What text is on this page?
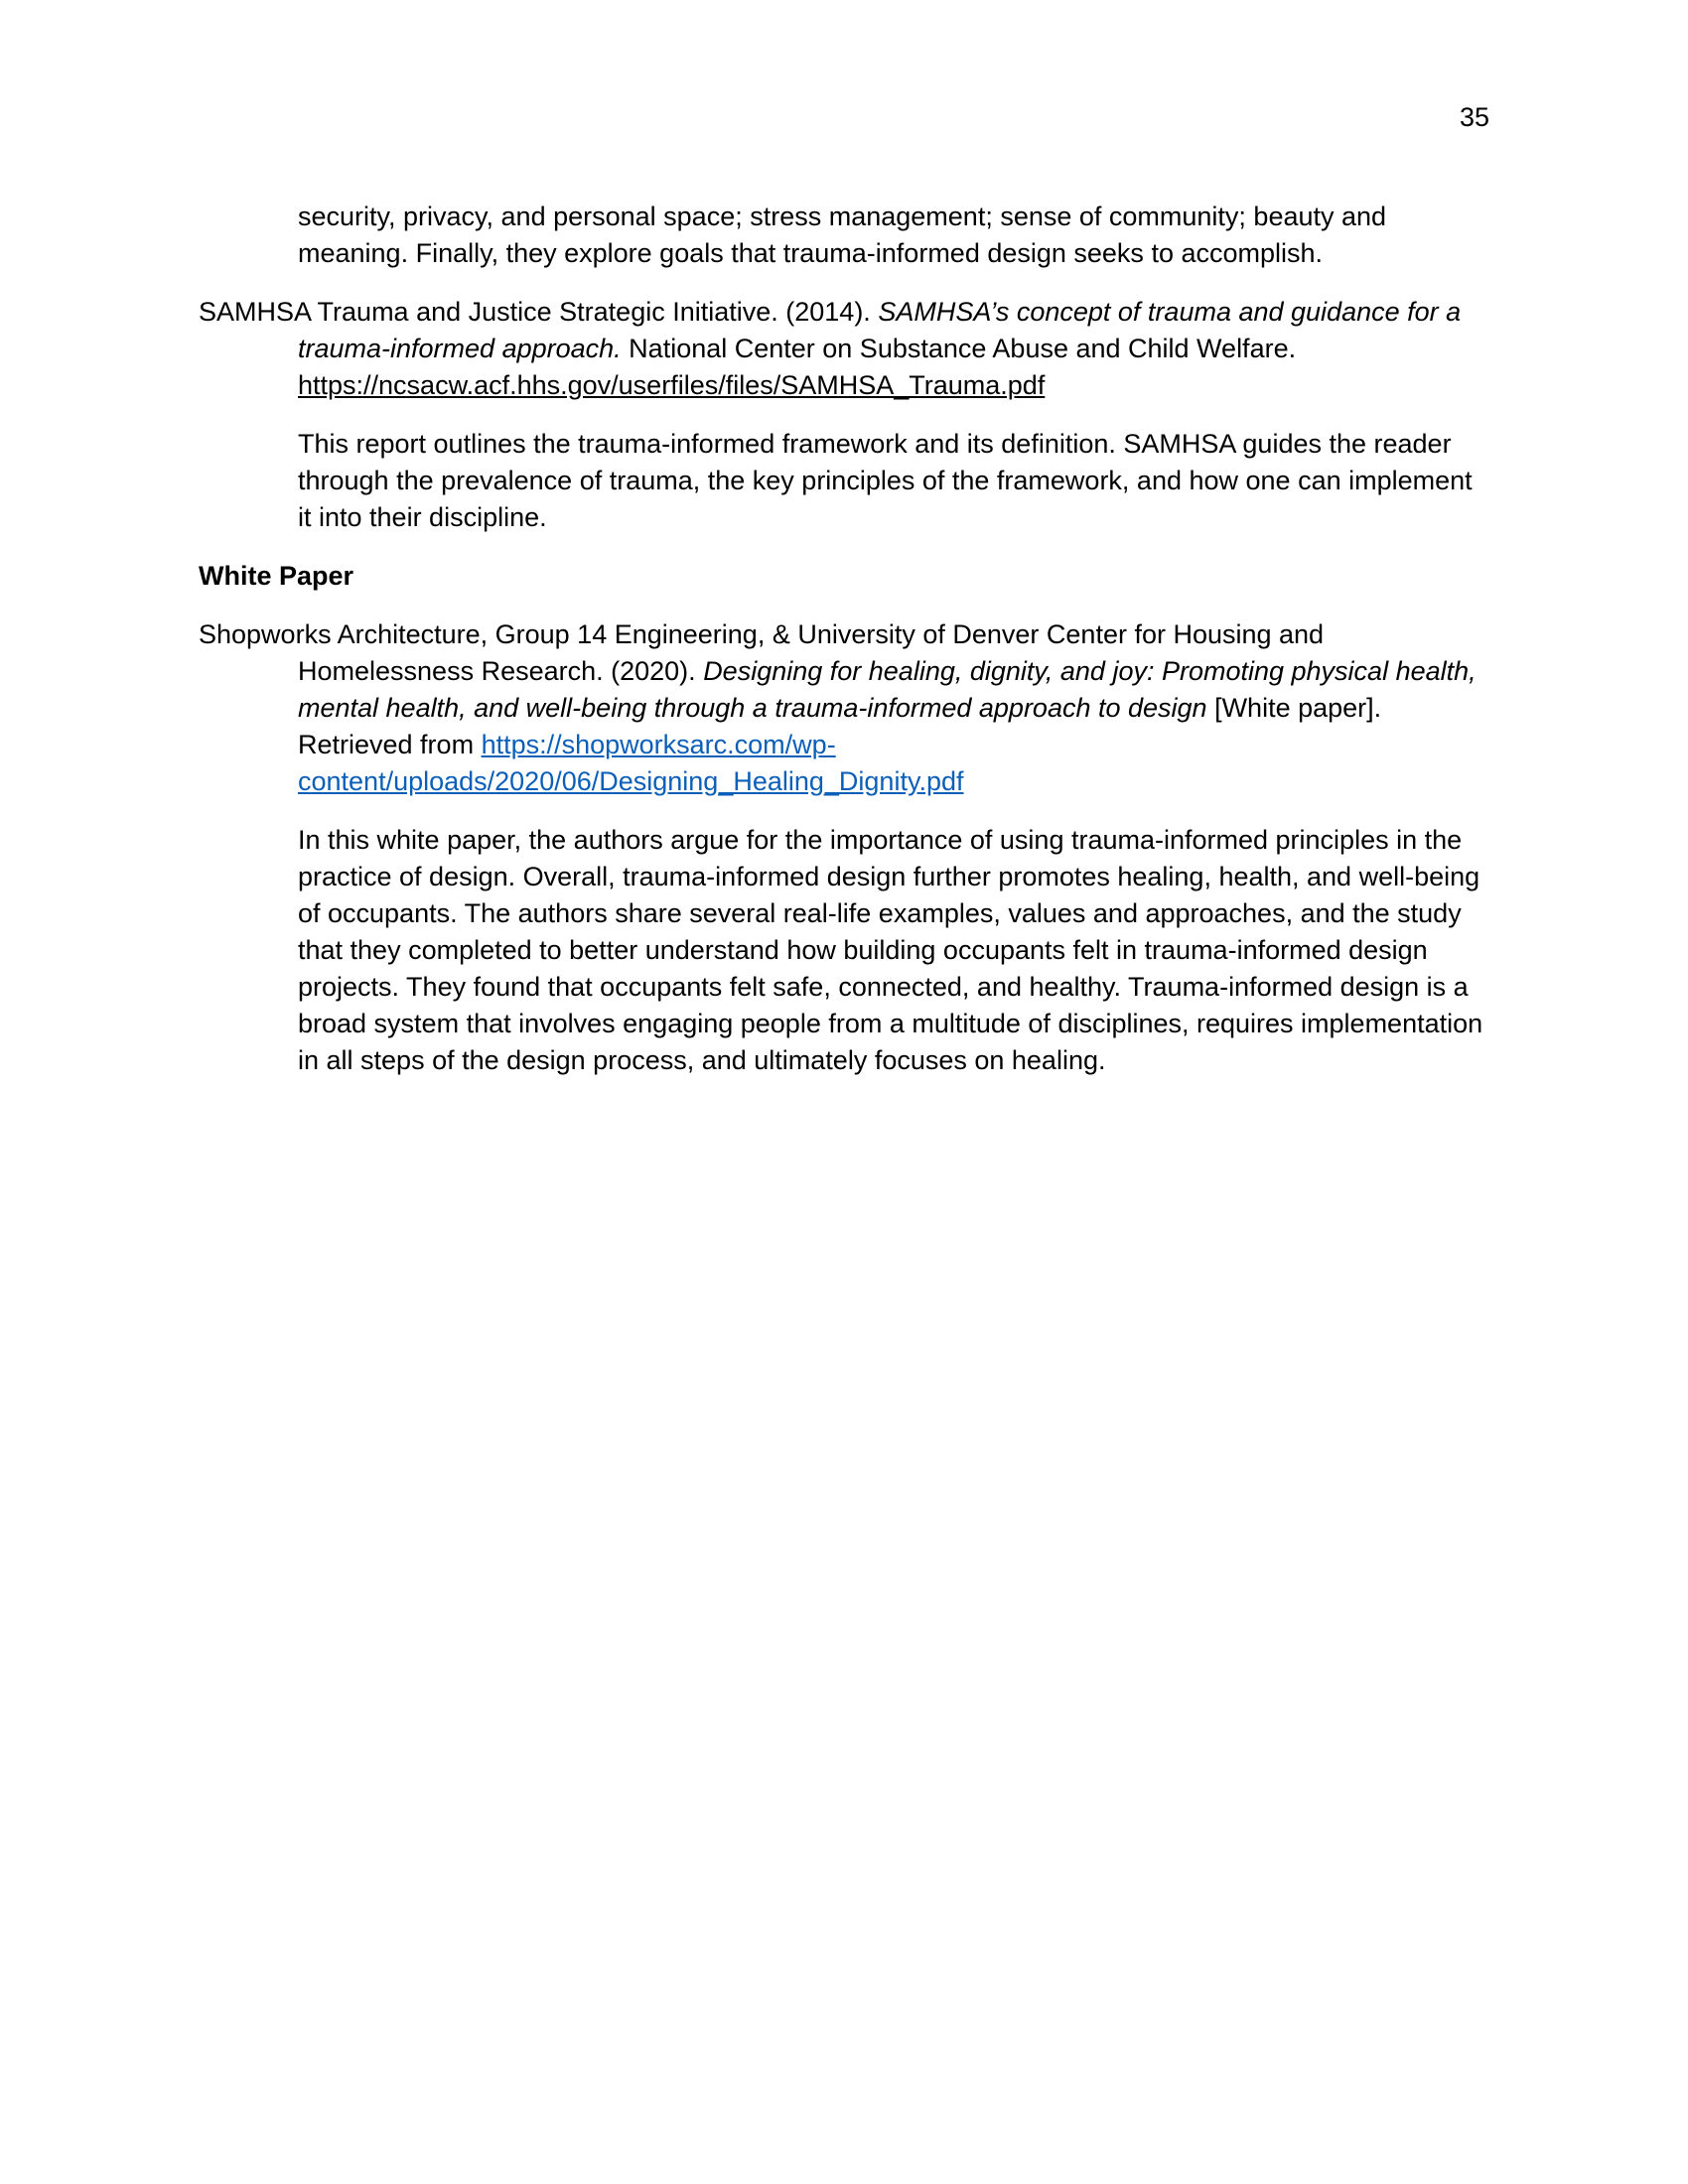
35

security, privacy, and personal space; stress management; sense of community; beauty and meaning. Finally, they explore goals that trauma-informed design seeks to accomplish.

SAMHSA Trauma and Justice Strategic Initiative. (2014). SAMHSA’s concept of trauma and guidance for a trauma-informed approach. National Center on Substance Abuse and Child Welfare. https://ncsacw.acf.hhs.gov/userfiles/files/SAMHSA_Trauma.pdf

This report outlines the trauma-informed framework and its definition. SAMHSA guides the reader through the prevalence of trauma, the key principles of the framework, and how one can implement it into their discipline.

White Paper

Shopworks Architecture, Group 14 Engineering, & University of Denver Center for Housing and Homelessness Research. (2020). Designing for healing, dignity, and joy: Promoting physical health, mental health, and well-being through a trauma-informed approach to design [White paper]. Retrieved from https://shopworksarc.com/wp-content/uploads/2020/06/Designing_Healing_Dignity.pdf

In this white paper, the authors argue for the importance of using trauma-informed principles in the practice of design. Overall, trauma-informed design further promotes healing, health, and well-being of occupants. The authors share several real-life examples, values and approaches, and the study that they completed to better understand how building occupants felt in trauma-informed design projects. They found that occupants felt safe, connected, and healthy. Trauma-informed design is a broad system that involves engaging people from a multitude of disciplines, requires implementation in all steps of the design process, and ultimately focuses on healing.
